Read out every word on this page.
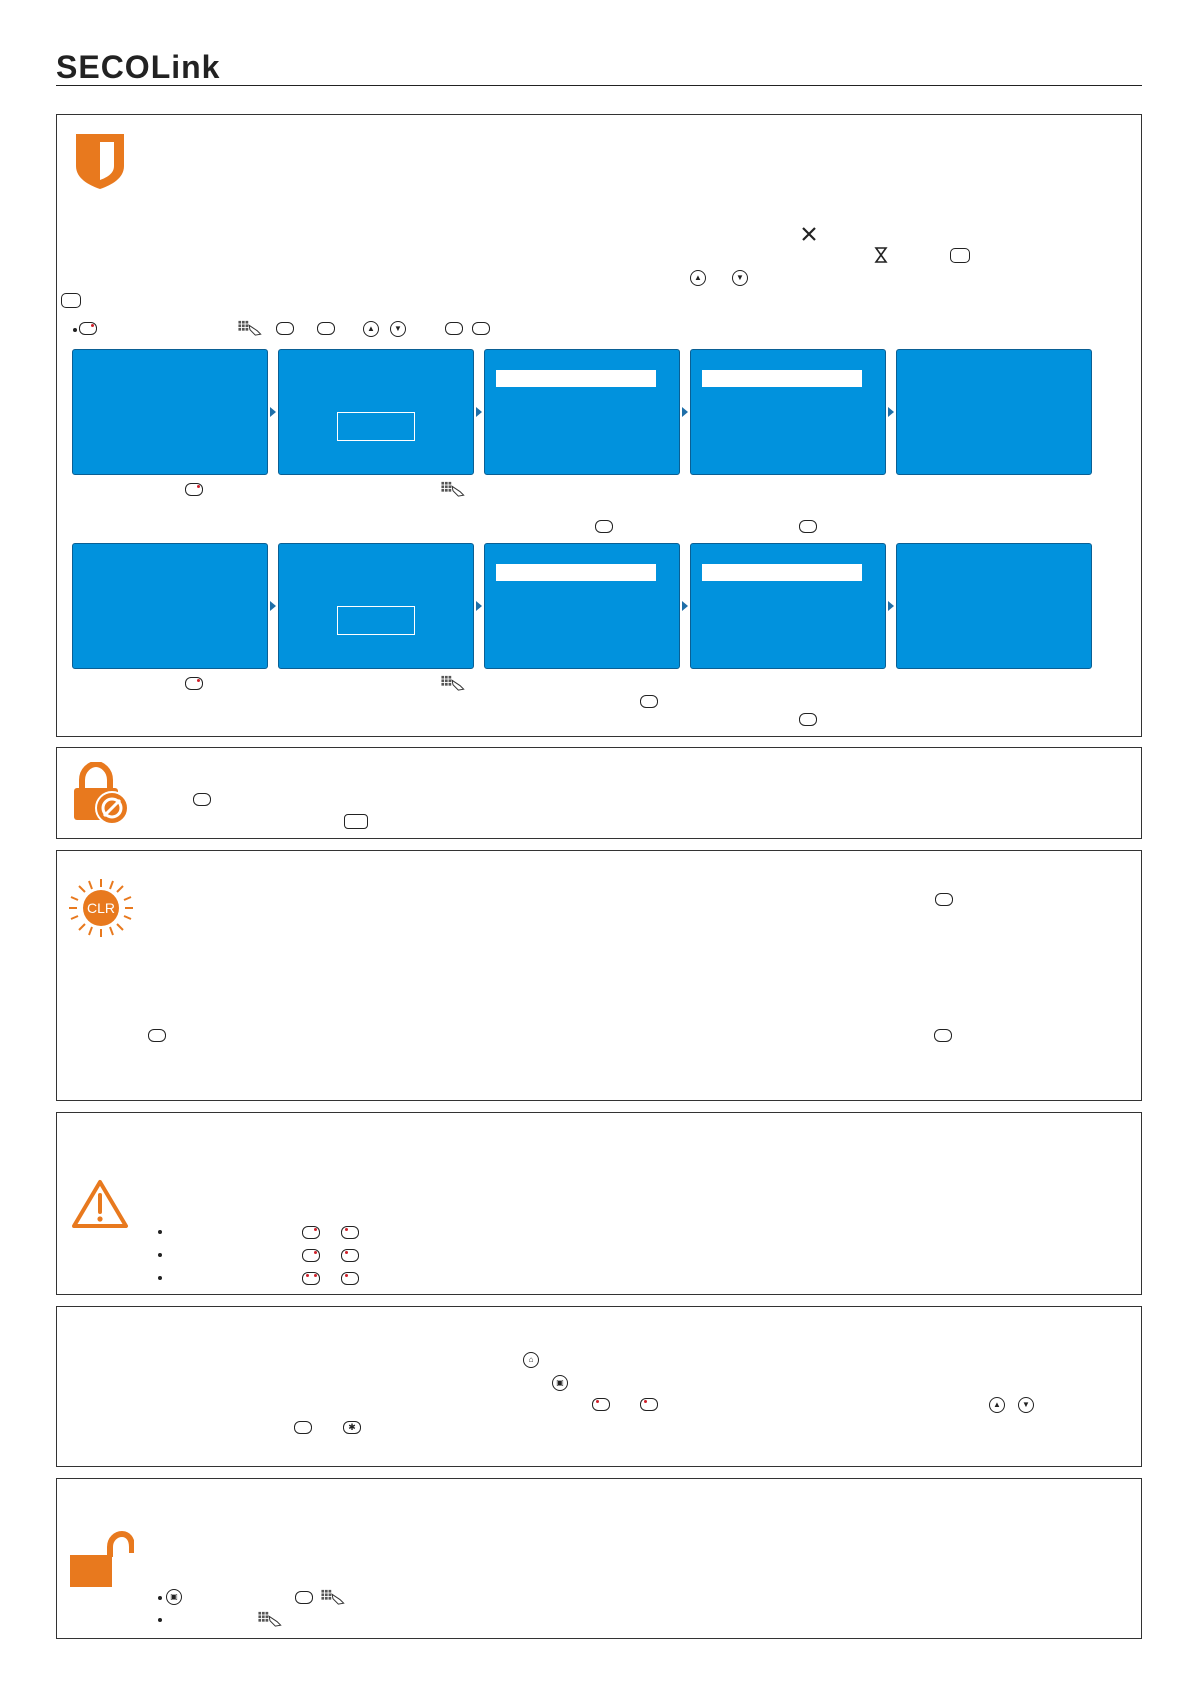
SECOLink
▲	▼
▲	▼
CLR
⌂
▣
▲	▼
✱
▣
